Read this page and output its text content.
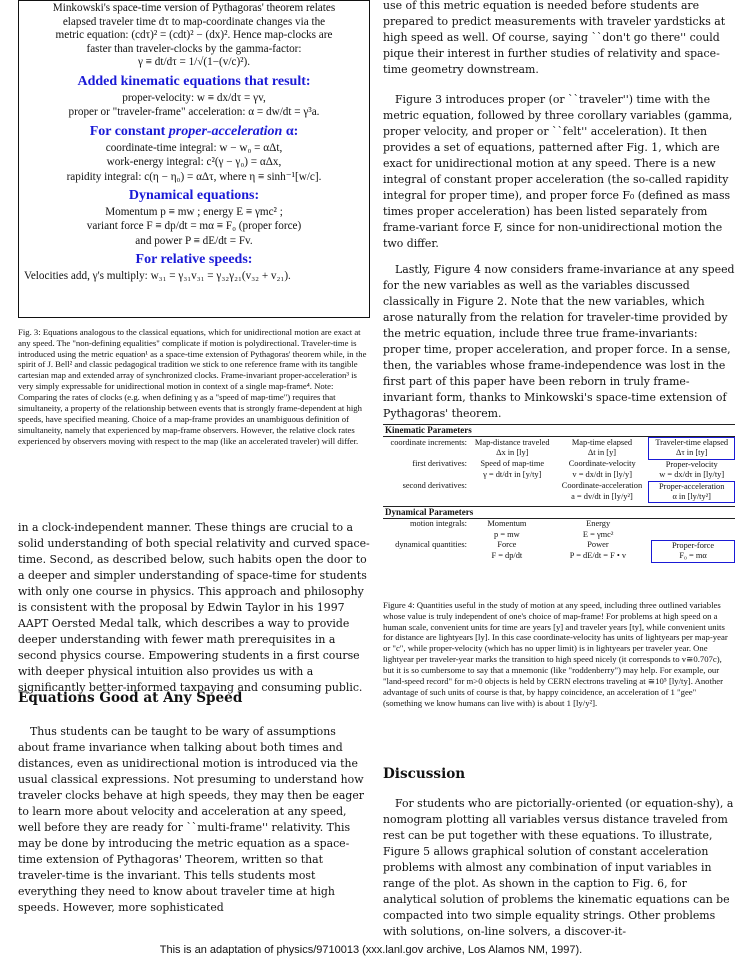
Minkowski's space-time version of Pythagoras' theorem relates

elapsed traveler time dτ to map-coordinate changes via the

metric equation: (cdτ)² = (cdt)² − (dx)². Hence map-clocks are

faster than traveler-clocks by the gamma-factor:

γ ≡ dt/dτ = 1/√(1−(v/c)²).

Added kinematic equations that result:

proper-velocity: w ≡ dx/dτ = γv,

proper or "traveler-frame" acceleration: α = dw/dt = γ³a.

For constant proper-acceleration α:

coordinate-time integral: w − w₀ = αΔt,

work-energy integral: c²(γ − γ₀) = αΔx,

rapidity integral: c(η − η₀) = αΔτ, where η ≡ sinh⁻¹[w/c].

Dynamical equations:

Momentum p ≡ mw ; energy E ≡ γmc² ;

variant force F ≡ dp/dt = mα ≡ F₀ (proper force)

and power P ≡ dE/dt = Fv.

For relative speeds:

Velocities add, γ's multiply: w₃₁ = γ₃₁v₃₁ = γ₃₂γ₂₁(v₃₂ + v₂₁).

Fig. 3: Equations analogous to the classical equations, which for unidirectional motion are exact at any speed. The "non-defining equalities" complicate if motion is polydirectional. Traveler-time is introduced using the metric equation¹ as a space-time extension of Pythagoras' theorem while, in the spirit of J. Bell² and classic pedagogical tradition we stick to one reference frame with its tangible cartesian map and extended array of synchronized clocks. Frame-invariant proper-acceleration³ is very simply expressable for unidirectional motion in context of a single map-frame⁴. Note: Comparing the rates of clocks (e.g. when defining γ as a "speed of map-time") requires that simultaneity, a property of the relationship between events that is strongly frame-dependent at high speeds, have specified meaning. Choice of a map-frame provides an unambiguous definition of simultaneity, namely that experienced by map-frame observers. However, the relative clock rates experienced by observers moving with respect to the map (like an accelerated traveler) will differ.

in a clock-independent manner. These things are crucial to a solid understanding of both special relativity and curved space-time. Second, as described below, such habits open the door to a deeper and simpler understanding of space-time for students with only one course in physics. This approach and philosophy is consistent with the proposal by Edwin Taylor in his 1997 AAPT Oersted Medal talk, which describes a way to provide deeper understanding with fewer math prerequisites in a second physics course. Empowering students in a first course with deeper physical intuition also provides us with a significantly better-informed taxpaying and consuming public.

Equations Good at Any Speed

Thus students can be taught to be wary of assumptions about frame invariance when talking about both times and distances, even as unidirectional motion is introduced via the usual classical expressions. Not presuming to understand how traveler clocks behave at high speeds, they may then be eager to learn more about velocity and acceleration at any speed, well before they are ready for ``multi-frame'' relativity. This may be done by introducing the metric equation as a space-time extension of Pythagoras' Theorem, written so that traveler-time is the invariant. This tells students most everything they need to know about traveler time at high speeds. However, more sophisticated

use of this metric equation is needed before students are prepared to predict measurements with traveler yardsticks at high speed as well. Of course, saying ``don't go there'' could pique their interest in further studies of relativity and space-time geometry downstream.

Figure 3 introduces proper (or ``traveler'') time with the metric equation, followed by three corollary variables (gamma, proper velocity, and proper or ``felt'' acceleration). It then provides a set of equations, patterned after Fig. 1, which are exact for unidirectional motion at any speed. There is a new integral of constant proper acceleration (the so-called rapidity integral for proper time), and proper force F₀ (defined as mass times proper acceleration) has been listed separately from frame-variant force F, since for non-unidirectional motion the two differ.

Lastly, Figure 4 now considers frame-invariance at any speed for the new variables as well as the variables discussed classically in Figure 2. Note that the new variables, which arose naturally from the relation for traveler-time provided by the metric equation, include three true frame-invariants: proper time, proper acceleration, and proper force. In a sense, then, the variables whose frame-independence was lost in the first part of this paper have been reborn in truly frame-invariant form, thanks to Minkowski's space-time extension of Pythagoras' theorem.

Kinematic Parameters
coordinate increments:	Map-distance traveled	Map-time elapsed	Traveler-time elapsed
	Δx in [ly]	Δt in [y]	Δτ in [ty]
first derivatives:	Speed of map-time	Coordinate-velocity	Proper-velocity
	γ = dt/dτ in [y/ty]	v = dx/dt in [ly/y]	w = dx/dτ in [ly/ty]
second derivatives:		Coordinate-acceleration	Proper-acceleration
		a = dv/dt in [ly/y²]	α in [ly/ty²]
Dynamical Parameters
motion integrals:	Momentum	Energy	
	p = mw	E = γmc²	
dynamical quantities:	Force	Power	Proper-force
	F = dp/dt	P = dE/dt = F • v	F₀ = mα

Figure 4: Quantities useful in the study of motion at any speed, including three outlined variables whose value is truly independent of one's choice of map-frame! For problems at high speed on a human scale, convenient units for time are years [y] and traveler years [ty], while convenient units for distance are lightyears [ly]. In this case coordinate-velocity has units of lightyears per map-year or "c", while proper-velocity (which has no upper limit) is in lightyears per traveler year. One lightyear per traveler-year marks the transition to high speed nicely (it corresponds to v≅0.707c), but it is so cumbersome to say that a mnemonic (like "roddenberry") may help. For example, our "land-speed record" for m>0 objects is held by CERN electrons traveling at ≅10⁵ [ly/ty]. Another advantage of such units of course is that, by happy coincidence, an acceleration of 1 "gee" (something we know humans can live with) is about 1 [ly/y²].

Discussion

For students who are pictorially-oriented (or equation-shy), a nomogram plotting all variables versus distance traveled from rest can be put together with these equations. To illustrate, Figure 5 allows graphical solution of constant acceleration problems with almost any combination of input variables in range of the plot. As shown in the caption to Fig. 6, for analytical solution of problems the kinematic equations can be compacted into two simple equality strings. Other problems with solutions, on-line solvers, a discover-it-

This is an adaptation of physics/9710013 (xxx.lanl.gov archive, Los Alamos NM, 1997).
